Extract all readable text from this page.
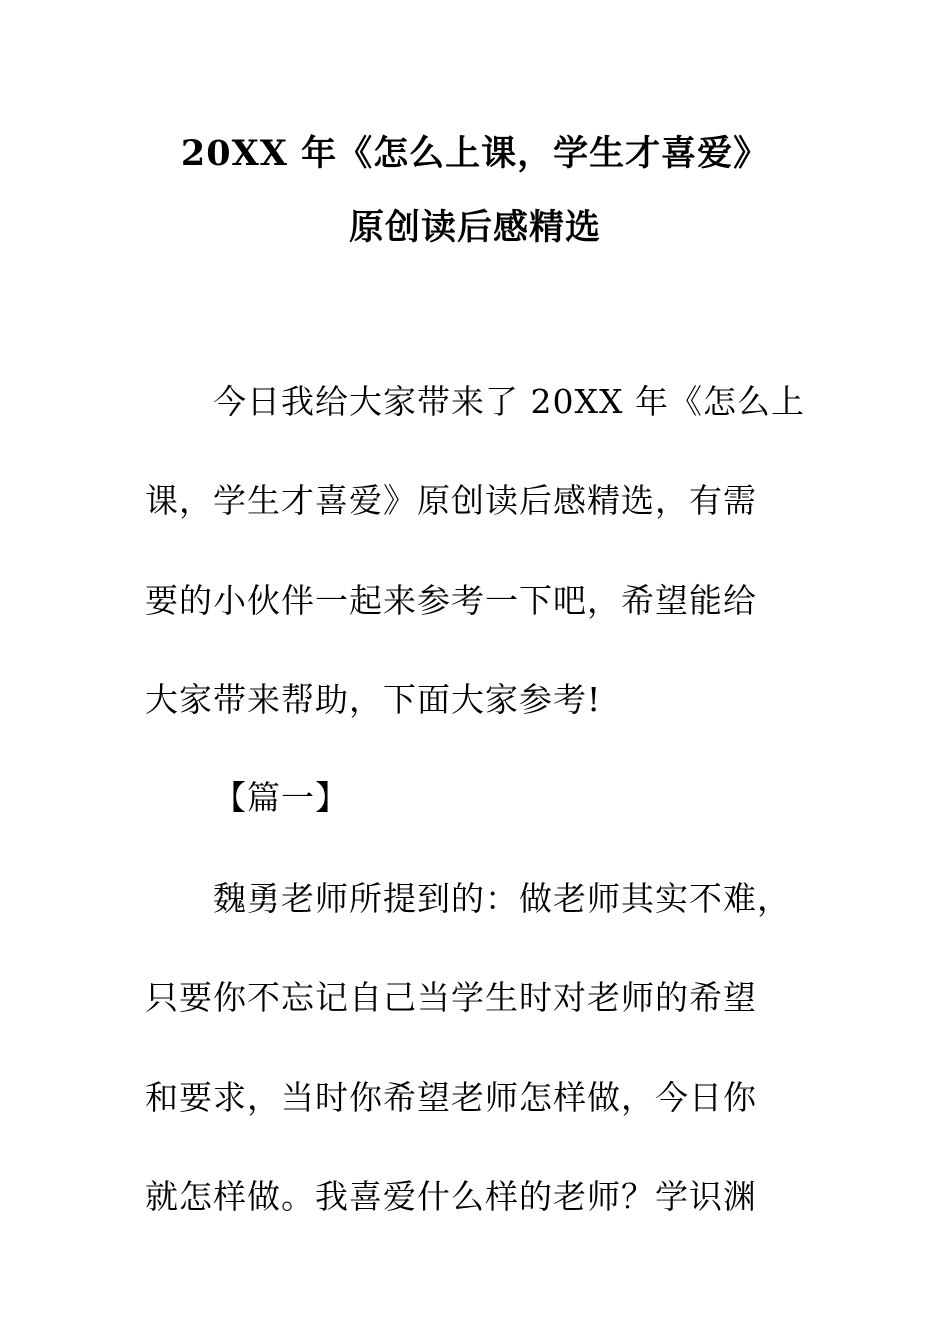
20XX 年《怎么上课，学生才喜爱》
原创读后感精选
今日我给大家带来了 20XX 年《怎么上
课，学生才喜爱》原创读后感精选，有需
要的小伙伴一起来参考一下吧，希望能给
大家带来帮助，下面大家参考!
【篇一】
魏勇老师所提到的：做老师其实不难，
只要你不忘记自己当学生时对老师的希望
和要求，当时你希望老师怎样做，今日你
就怎样做。我喜爱什么样的老师？学识渊
